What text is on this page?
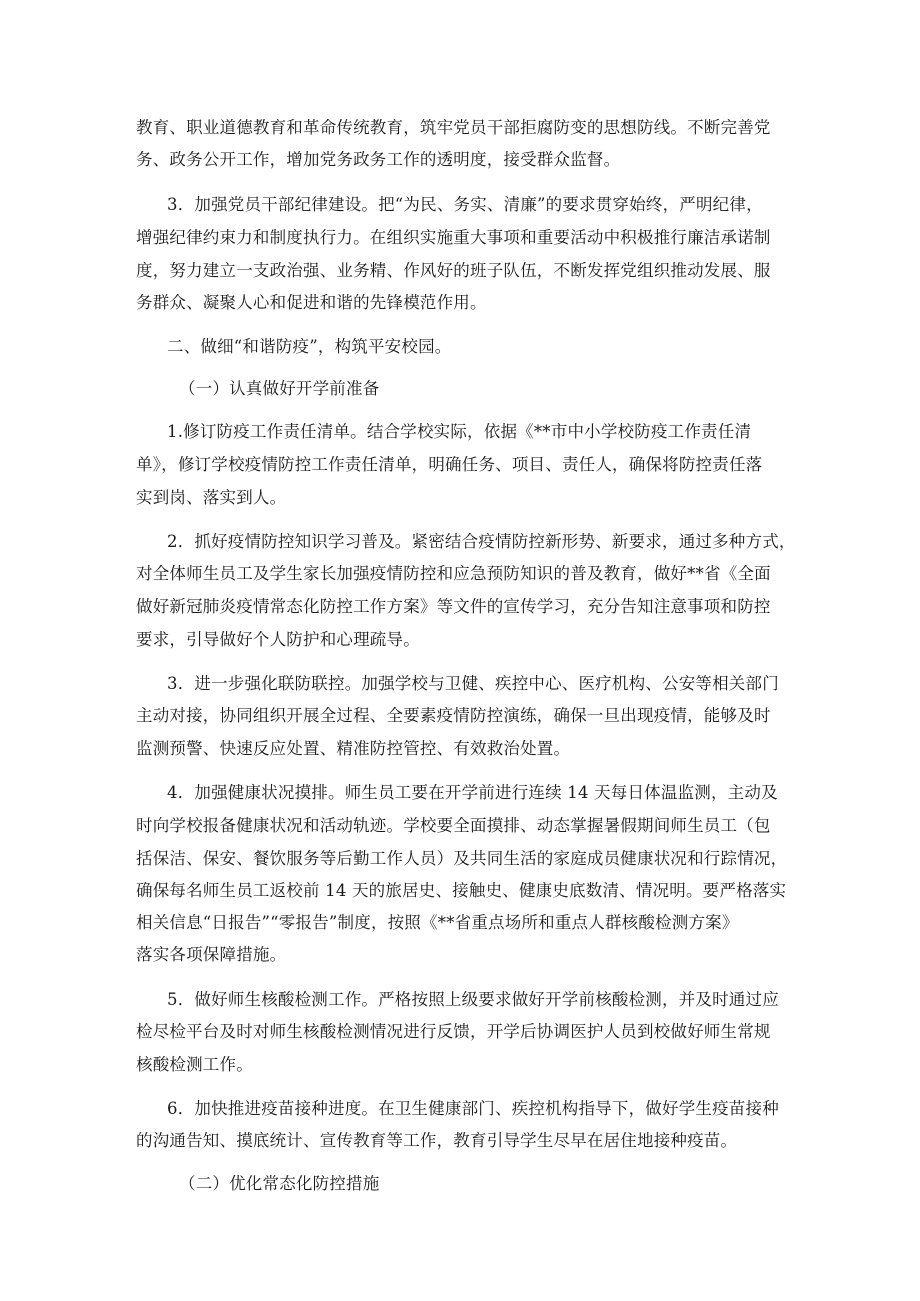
教育、职业道德教育和革命传统教育，筑牢党员干部拒腐防变的思想防线。不断完善党
务、政务公开工作，增加党务政务工作的透明度，接受群众监督。
3．加强党员干部纪律建设。把“为民、务实、清廉”的要求贯穿始终，严明纪律，
增强纪律约束力和制度执行力。在组织实施重大事项和重要活动中积极推行廉洁承诺制
度，努力建立一支政治强、业务精、作风好的班子队伍，不断发挥党组织推动发展、服
务群众、凝聚人心和促进和谐的先锋模范作用。
二、做细“和谐防疫”，构筑平安校园。
（一）认真做好开学前准备
1.修订防疫工作责任清单。结合学校实际，依据《**市中小学校防疫工作责任清
单》，修订学校疫情防控工作责任清单，明确任务、项目、责任人，确保将防控责任落
实到岗、落实到人。
2．抓好疫情防控知识学习普及。紧密结合疫情防控新形势、新要求，通过多种方式，
对全体师生员工及学生家长加强疫情防控和应急预防知识的普及教育，做好**省《全面
做好新冠肺炎疫情常态化防控工作方案》等文件的宣传学习，充分告知注意事项和防控
要求，引导做好个人防护和心理疏导。
3．进一步强化联防联控。加强学校与卫健、疾控中心、医疗机构、公安等相关部门
主动对接，协同组织开展全过程、全要素疫情防控演练，确保一旦出现疫情，能够及时
监测预警、快速反应处置、精准防控管控、有效救治处置。
4．加强健康状况摸排。师生员工要在开学前进行连续 14 天每日体温监测，主动及
时向学校报备健康状况和活动轨迹。学校要全面摸排、动态掌握暑假期间师生员工（包
括保洁、保安、餐饮服务等后勤工作人员）及共同生活的家庭成员健康状况和行踪情况，
确保每名师生员工返校前 14 天的旅居史、接触史、健康史底数清、情况明。要严格落实
相关信息“日报告”“零报告”制度，按照《**省重点场所和重点人群核酸检测方案》
落实各项保障措施。
5．做好师生核酸检测工作。严格按照上级要求做好开学前核酸检测，并及时通过应
检尽检平台及时对师生核酸检测情况进行反馈，开学后协调医护人员到校做好师生常规
核酸检测工作。
6．加快推进疫苗接种进度。在卫生健康部门、疾控机构指导下，做好学生疫苗接种
的沟通告知、摸底统计、宣传教育等工作，教育引导学生尽早在居住地接种疫苗。
（二）优化常态化防控措施
